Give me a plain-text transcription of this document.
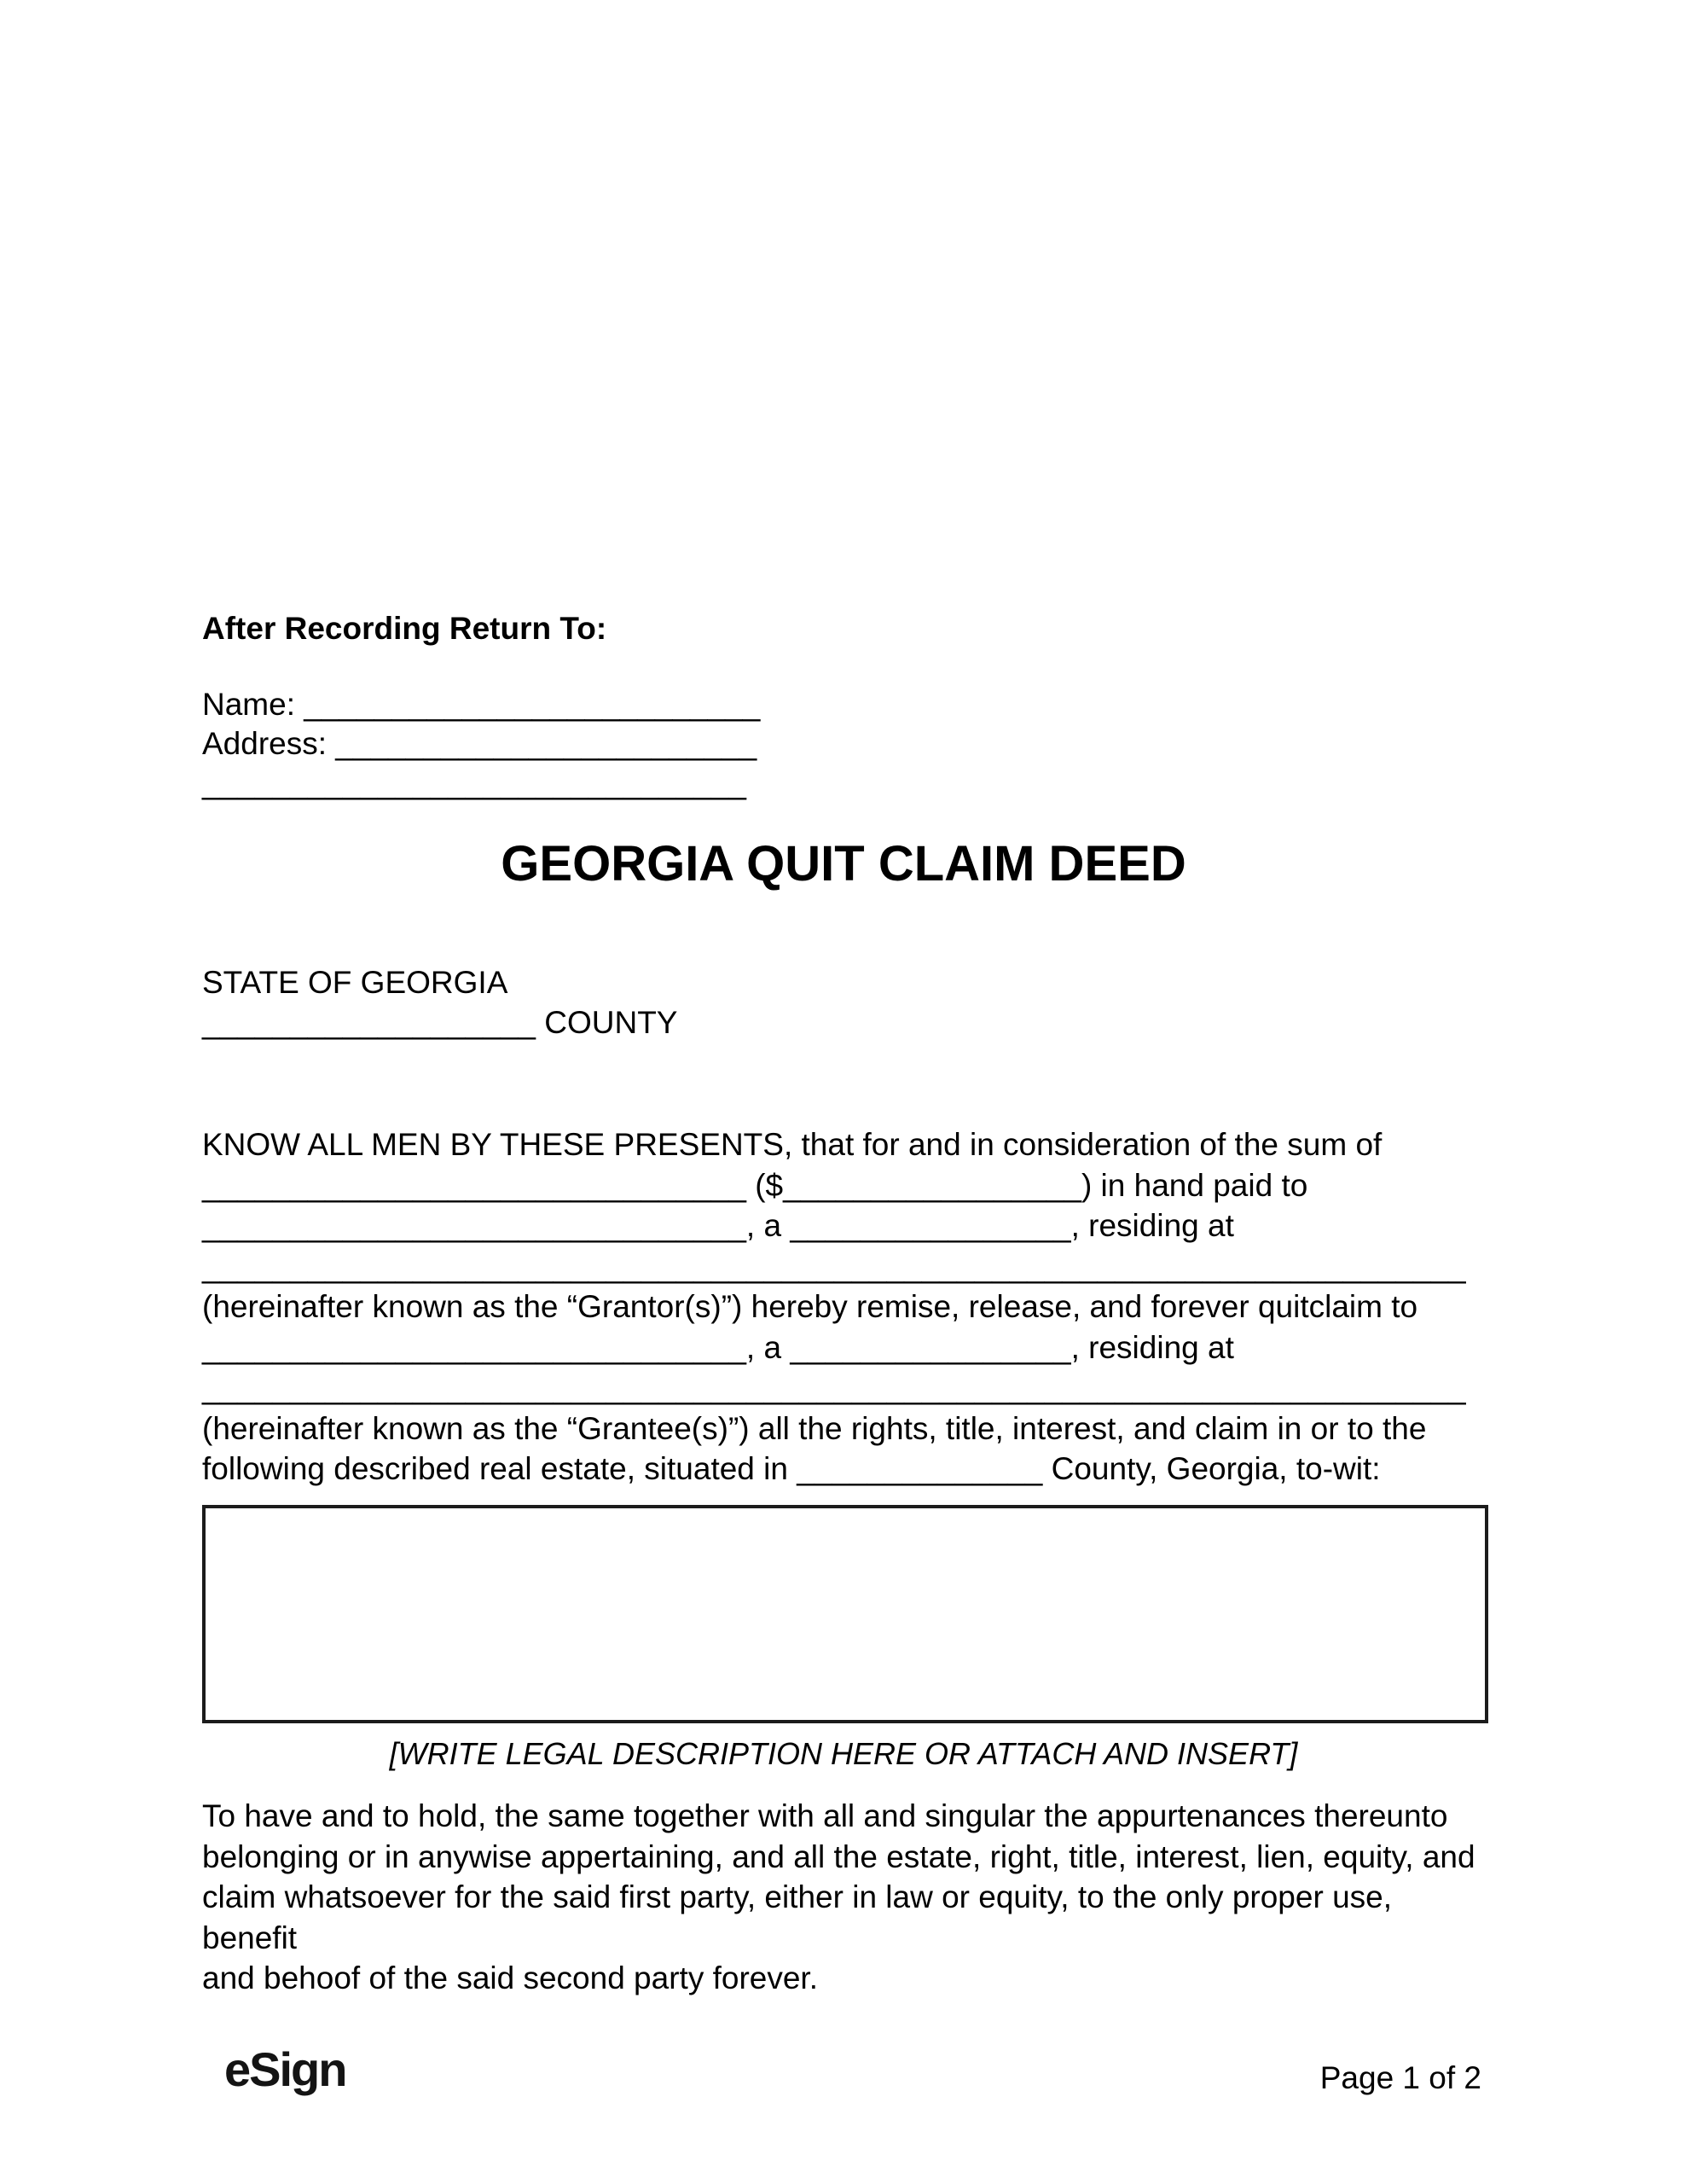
After Recording Return To:
Name: __________________________
Address: ________________________
_______________________________
GEORGIA QUIT CLAIM DEED
STATE OF GEORGIA
___________________ COUNTY
KNOW ALL MEN BY THESE PRESENTS, that for and in consideration of the sum of
_______________________________ ($_________________) in hand paid to
_______________________________, a ________________, residing at
________________________________________________________________________
(hereinafter known as the “Grantor(s)”) hereby remise, release, and forever quitclaim to
_______________________________, a ________________, residing at
________________________________________________________________________
(hereinafter known as the “Grantee(s)”) all the rights, title, interest, and claim in or to the
following described real estate, situated in ______________ County, Georgia, to-wit:
[WRITE LEGAL DESCRIPTION HERE OR ATTACH AND INSERT]
To have and to hold, the same together with all and singular the appurtenances thereunto
belonging or in anywise appertaining, and all the estate, right, title, interest, lien, equity, and
claim whatsoever for the said first party, either in law or equity, to the only proper use, benefit
and behoof of the said second party forever.
eSign	Page 1 of 2
